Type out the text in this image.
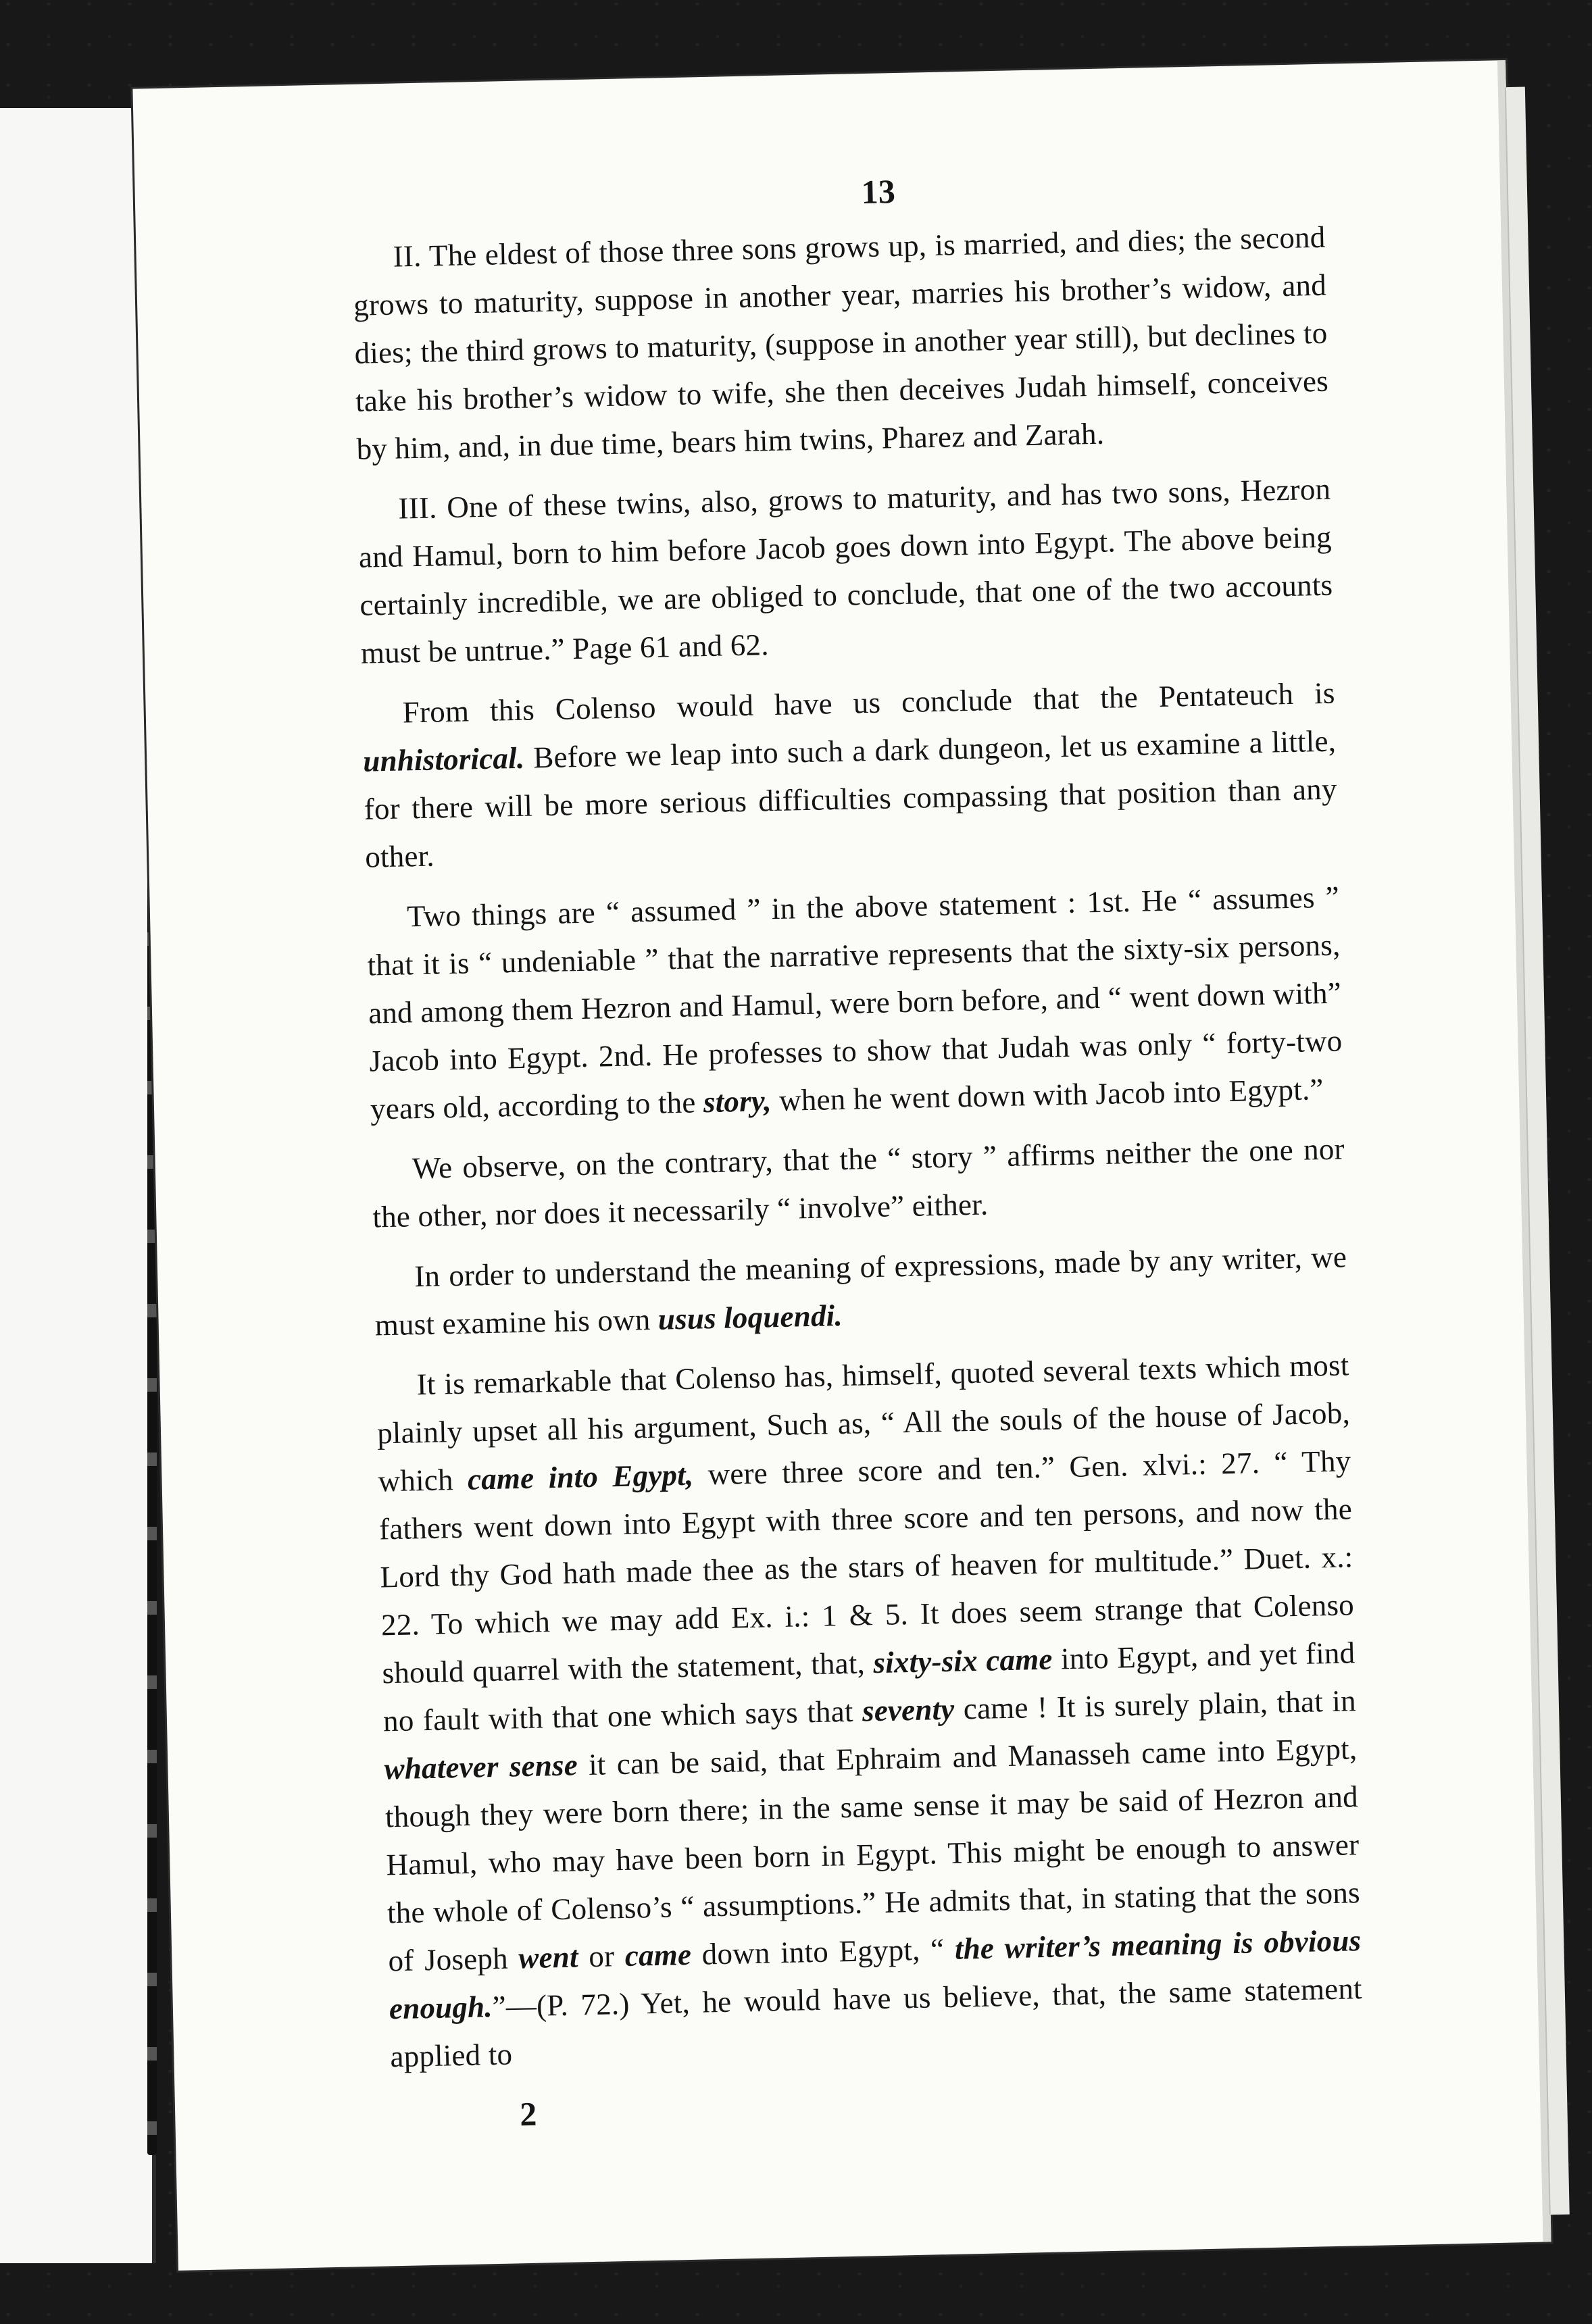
13

II. The eldest of those three sons grows up, is married, and dies; the second grows to maturity, suppose in another year, marries his brother’s widow, and dies; the third grows to maturity, (suppose in another year still), but declines to take his brother’s widow to wife, she then deceives Judah himself, conceives by him, and, in due time, bears him twins, Pharez and Zarah.

III. One of these twins, also, grows to maturity, and has two sons, Hezron and Hamul, born to him before Jacob goes down into Egypt. The above being certainly incredible, we are obliged to conclude, that one of the two accounts must be untrue.” Page 61 and 62.

From this Colenso would have us conclude that the Pentateuch is unhistorical. Before we leap into such a dark dungeon, let us examine a little, for there will be more serious difficulties compassing that position than any other.

Two things are “ assumed ” in the above statement : 1st. He “ assumes ” that it is “ undeniable ” that the narrative represents that the sixty-six persons, and among them Hezron and Hamul, were born before, and “ went down with” Jacob into Egypt. 2nd. He professes to show that Judah was only “ forty-two years old, according to the story, when he went down with Jacob into Egypt.”

We observe, on the contrary, that the “ story ” affirms neither the one nor the other, nor does it necessarily “ involve” either.

In order to understand the meaning of expressions, made by any writer, we must examine his own usus loquendi.

It is remarkable that Colenso has, himself, quoted several texts which most plainly upset all his argument, Such as, “ All the souls of the house of Jacob, which came into Egypt, were three score and ten.” Gen. xlvi.: 27. “ Thy fathers went down into Egypt with three score and ten persons, and now the Lord thy God hath made thee as the stars of heaven for multitude.” Duet. x.: 22. To which we may add Ex. i.: 1 & 5. It does seem strange that Colenso should quarrel with the statement, that, sixty-six came into Egypt, and yet find no fault with that one which says that seventy came ! It is surely plain, that in whatever sense it can be said, that Ephraim and Manasseh came into Egypt, though they were born there; in the same sense it may be said of Hezron and Hamul, who may have been born in Egypt. This might be enough to answer the whole of Colenso’s “ assumptions.” He admits that, in stating that the sons of Joseph went or came down into Egypt, “ the writer’s meaning is obvious enough.”—(P. 72.) Yet, he would have us believe, that, the same statement applied to

2
